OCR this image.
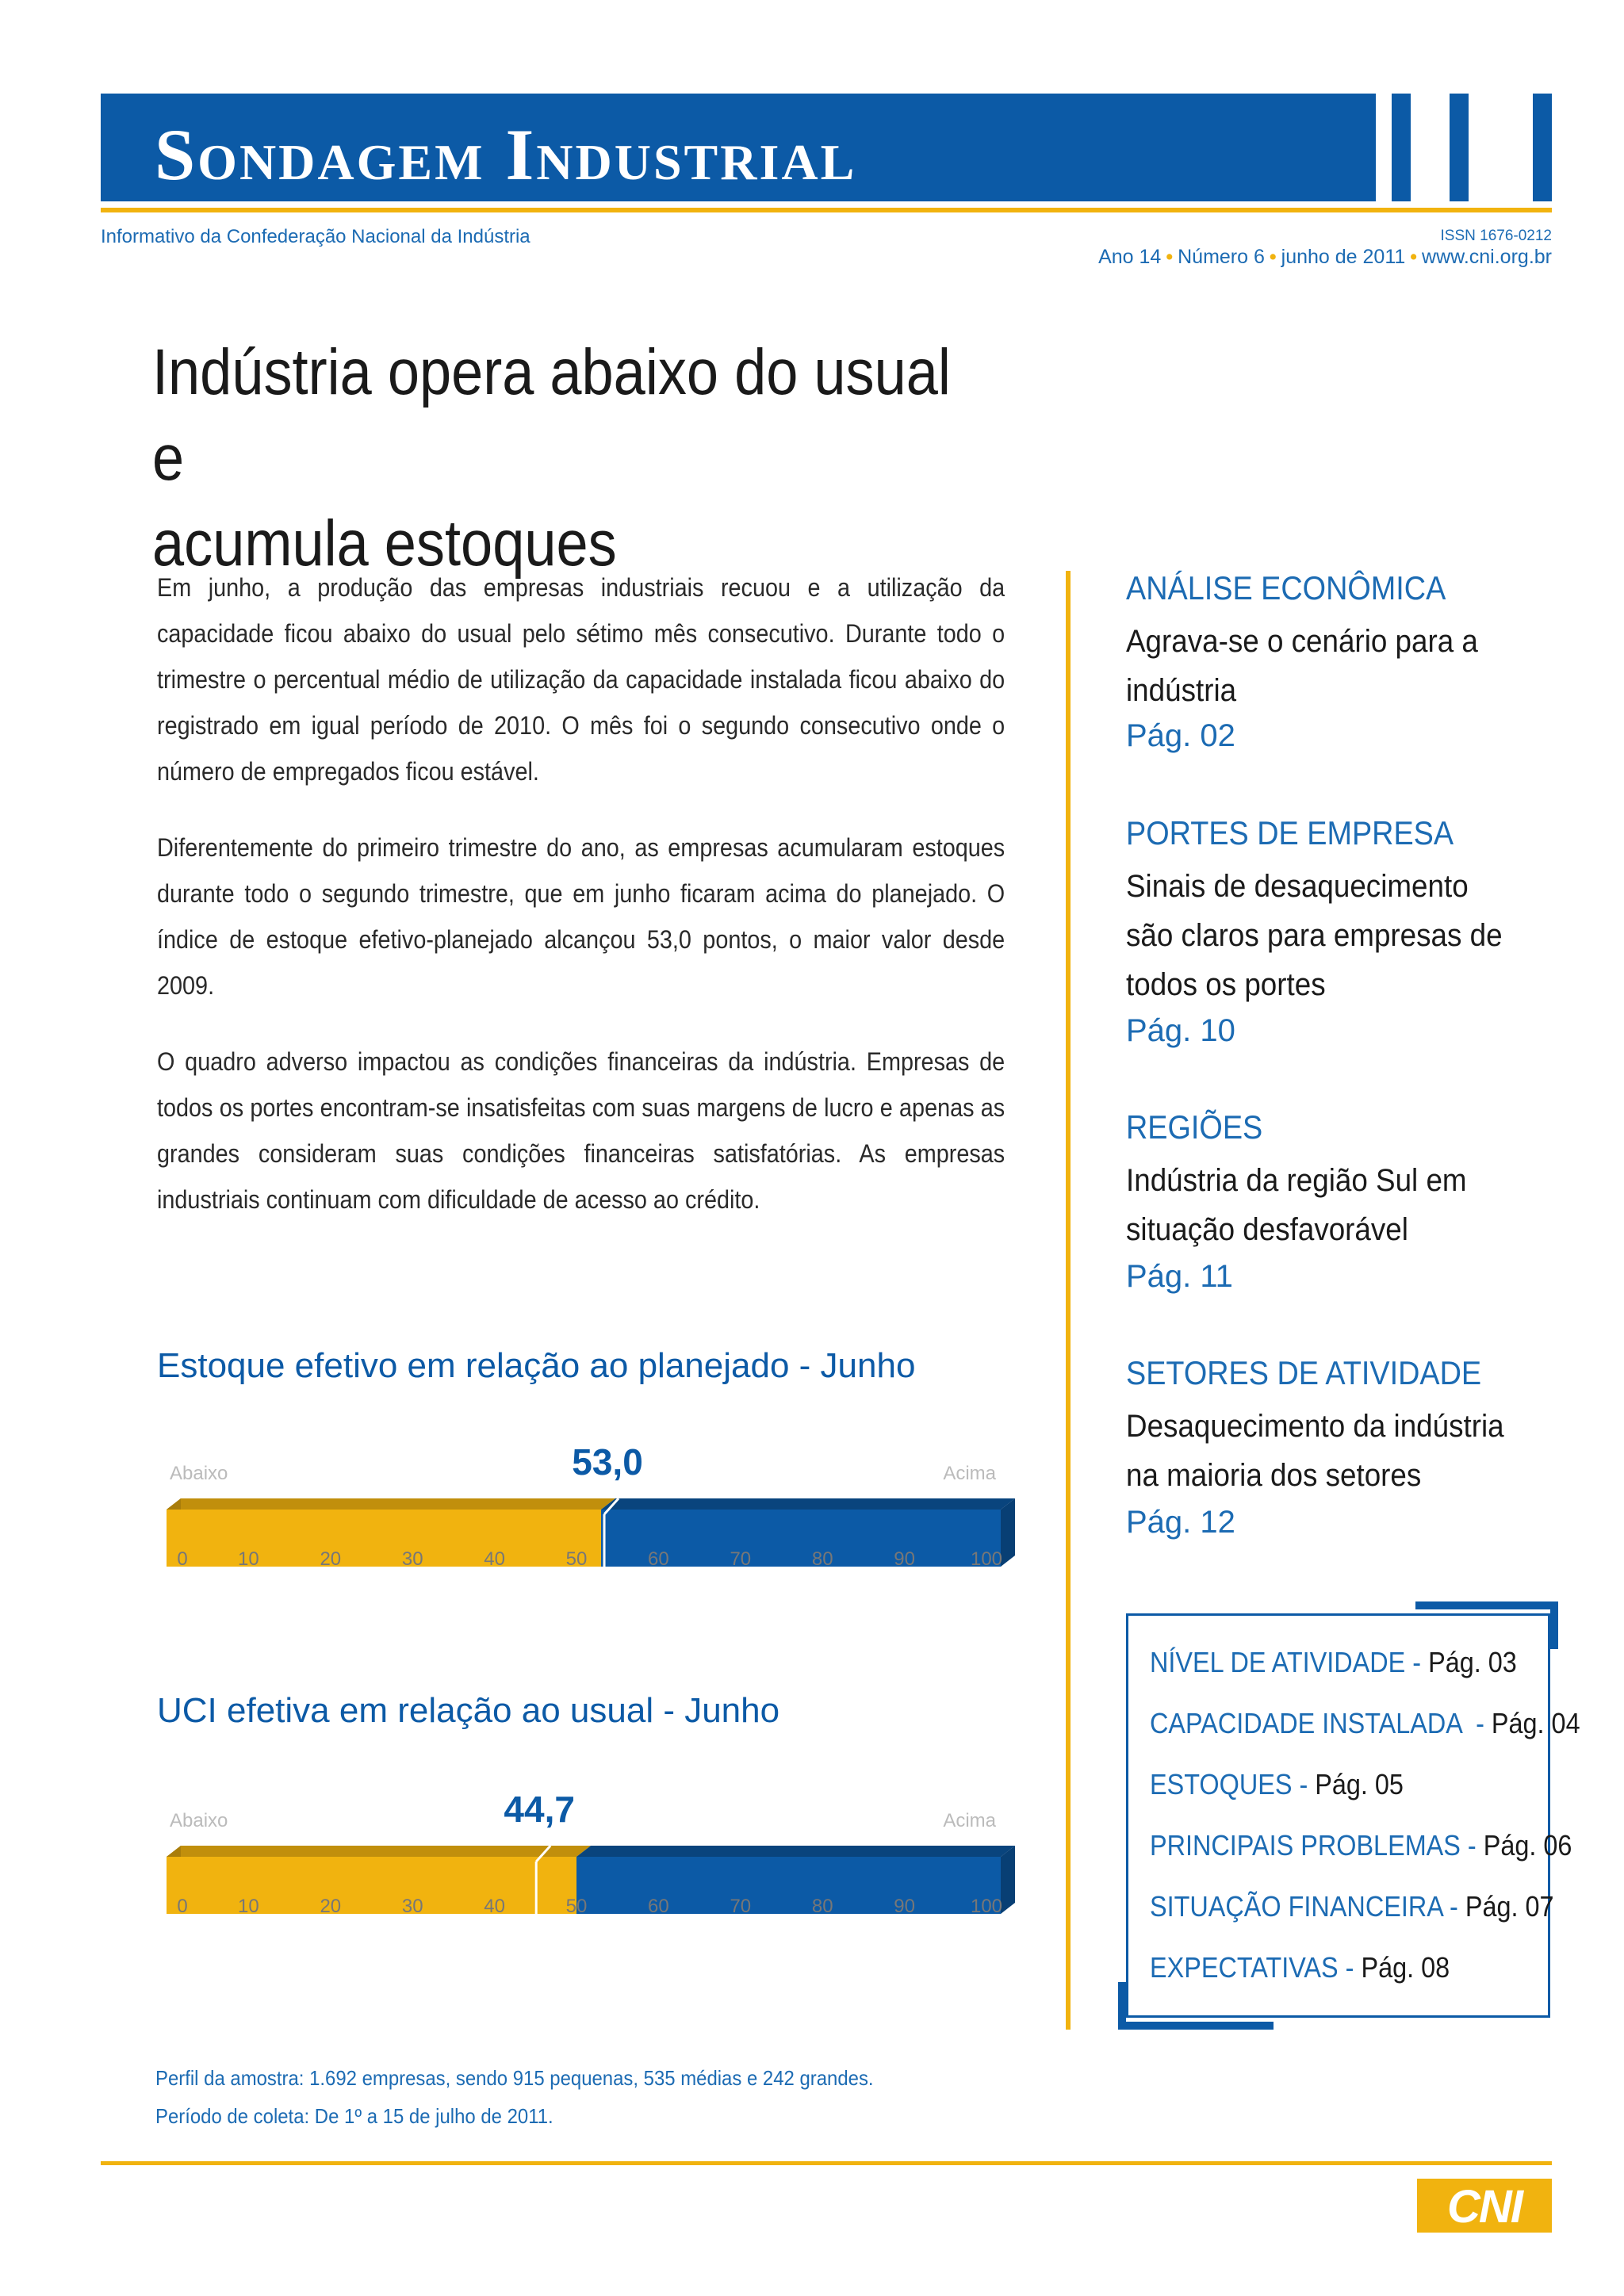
Sondagem Industrial
Informativo da Confederação Nacional da Indústria	ISSN 1676-0212
Ano 14 • Número 6 • junho de 2011 • www.cni.org.br
Indústria opera abaixo do usual e
acumula estoques
Em junho, a produção das empresas industriais recuou e a utilização da capacidade ficou abaixo do usual pelo sétimo mês consecutivo. Durante todo o trimestre o percentual médio de utilização da capacidade instalada ficou abaixo do registrado em igual período de 2010. O mês foi o segundo consecutivo onde o número de empregados ficou estável.
Diferentemente do primeiro trimestre do ano, as empresas acumularam estoques durante todo o segundo trimestre, que em junho ficaram acima do planejado. O índice de estoque efetivo-planejado alcançou 53,0 pontos, o maior valor desde 2009.
O quadro adverso impactou as condições financeiras da indústria. Empresas de todos os portes encontram-se insatisfeitas com suas margens de lucro e apenas as grandes consideram suas condições financeiras satisfatórias. As empresas industriais continuam com dificuldade de acesso ao crédito.
Estoque efetivo em relação ao planejado - Junho
Abaixo	Acima
53,0
0	10	20	30	40	50	60	70	80	90	100
UCI efetiva em relação ao usual - Junho
Abaixo	Acima
44,7
0	10	20	30	40	50	60	70	80	90	100
ANÁLISE ECONÔMICA
Agrava-se o cenário para a indústria
Pág. 02
PORTES DE EMPRESA
Sinais de desaquecimento são claros para empresas de todos os portes
Pág. 10
REGIÕES
Indústria da região Sul em situação desfavorável
Pág. 11
SETORES DE ATIVIDADE
Desaquecimento da indústria na maioria dos setores
Pág. 12
NÍVEL DE ATIVIDADE - Pág. 03
CAPACIDADE INSTALADA  - Pág. 04
ESTOQUES - Pág. 05
PRINCIPAIS PROBLEMAS - Pág. 06
SITUAÇÃO FINANCEIRA - Pág. 07
EXPECTATIVAS - Pág. 08
Perfil da amostra: 1.692 empresas, sendo 915 pequenas, 535 médias e 242 grandes.
Período de coleta: De 1º a 15 de julho de 2011.
CNI
